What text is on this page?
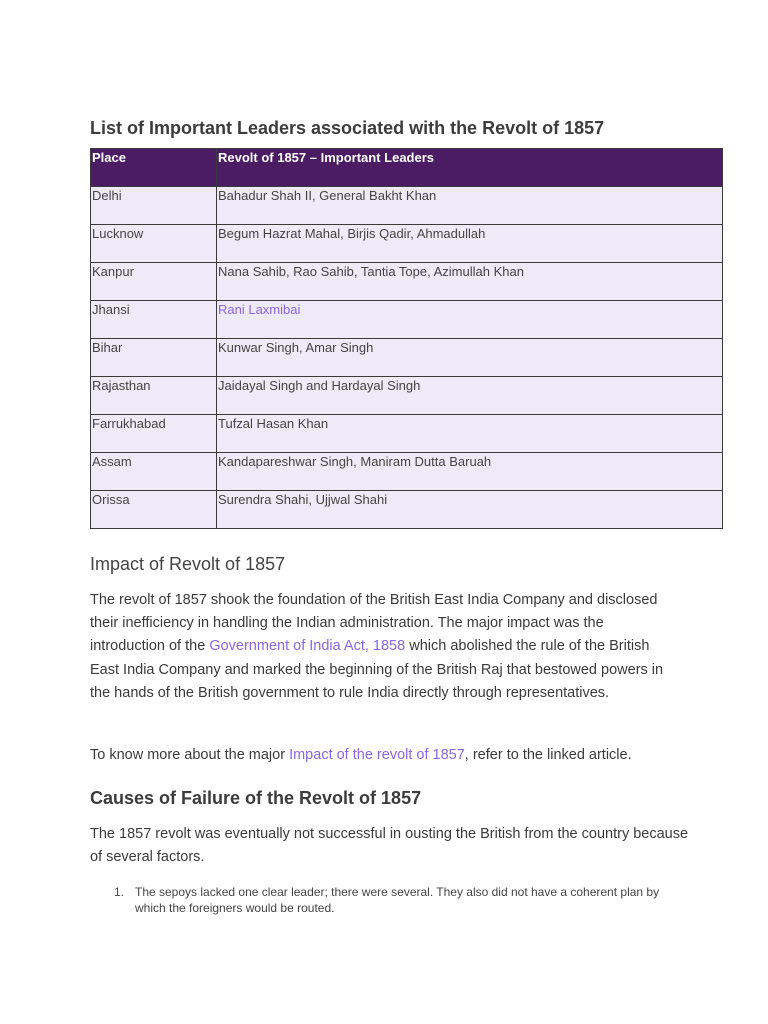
List of Important Leaders associated with the Revolt of 1857
Place	Revolt of 1857 – Important Leaders
Delhi	Bahadur Shah II, General Bakht Khan
Lucknow	Begum Hazrat Mahal, Birjis Qadir, Ahmadullah
Kanpur	Nana Sahib, Rao Sahib, Tantia Tope, Azimullah Khan
Jhansi	Rani Laxmibai
Bihar	Kunwar Singh, Amar Singh
Rajasthan	Jaidayal Singh and Hardayal Singh
Farrukhabad	Tufzal Hasan Khan
Assam	Kandapareshwar Singh, Maniram Dutta Baruah
Orissa	Surendra Shahi, Ujjwal Shahi
Impact of Revolt of 1857

The revolt of 1857 shook the foundation of the British East India Company and disclosed their inefficiency in handling the Indian administration. The major impact was the introduction of the Government of India Act, 1858 which abolished the rule of the British East India Company and marked the beginning of the British Raj that bestowed powers in the hands of the British government to rule India directly through representatives.

To know more about the major Impact of the revolt of 1857, refer to the linked article.

Causes of Failure of the Revolt of 1857

The 1857 revolt was eventually not successful in ousting the British from the country because of several factors.

1. The sepoys lacked one clear leader; there were several. They also did not have a coherent plan by which the foreigners would be routed.
